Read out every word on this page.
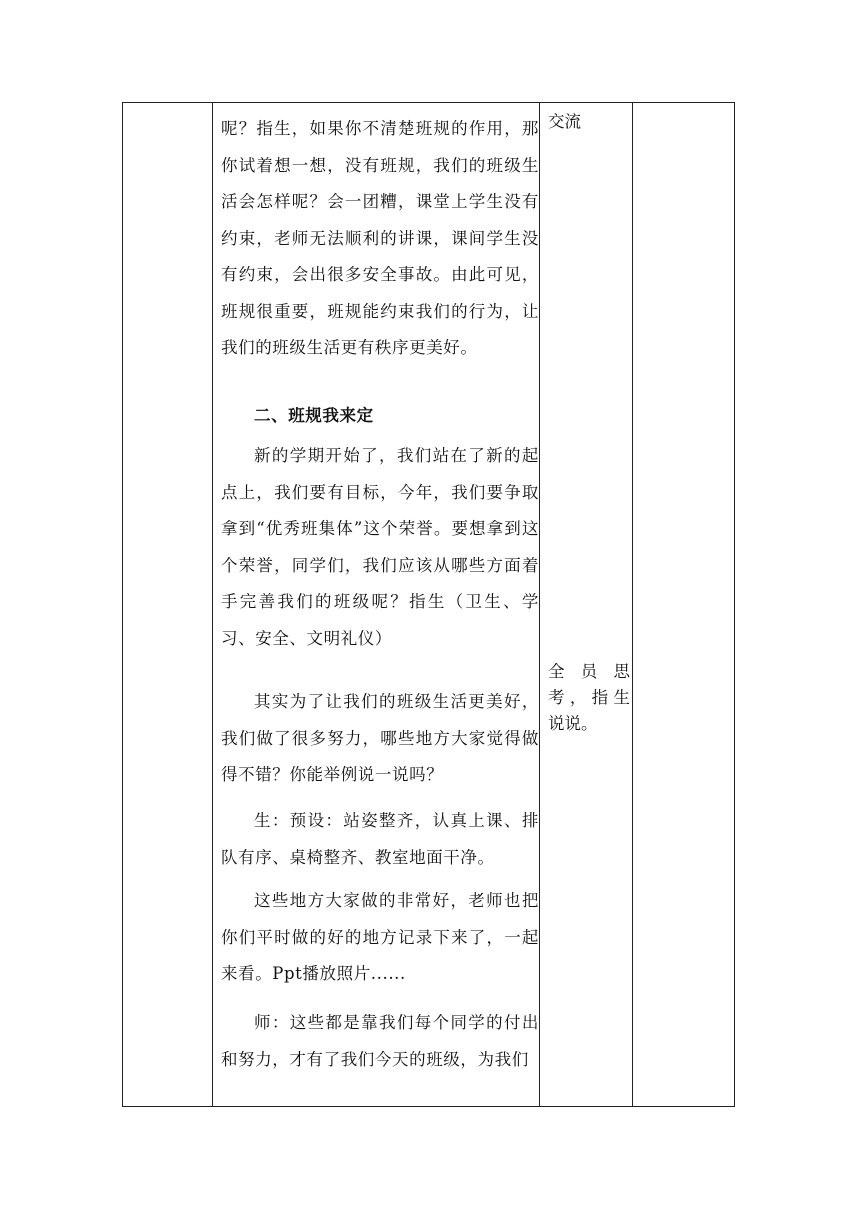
呢？指生，如果你不清楚班规的作用，那你试着想一想，没有班规，我们的班级生活会怎样呢？会一团糟，课堂上学生没有约束，老师无法顺利的讲课，课间学生没有约束，会出很多安全事故。由此可见，班规很重要，班规能约束我们的行为，让我们的班级生活更有秩序更美好。
二、班规我来定
新的学期开始了，我们站在了新的起点上，我们要有目标，今年，我们要争取拿到“优秀班集体”这个荣誉。要想拿到这个荣誉，同学们，我们应该从哪些方面着手完善我们的班级呢？指生（卫生、学习、安全、文明礼仪）
其实为了让我们的班级生活更美好，我们做了很多努力，哪些地方大家觉得做得不错？你能举例说一说吗？
生：预设：站姿整齐，认真上课、排队有序、桌椅整齐、教室地面干净。
这些地方大家做的非常好，老师也把你们平时做的好的地方记录下来了，一起来看。Ppt播放照片......
师：这些都是靠我们每个同学的付出和努力，才有了我们今天的班级，为我们
交流
全员思考，指生说说。
